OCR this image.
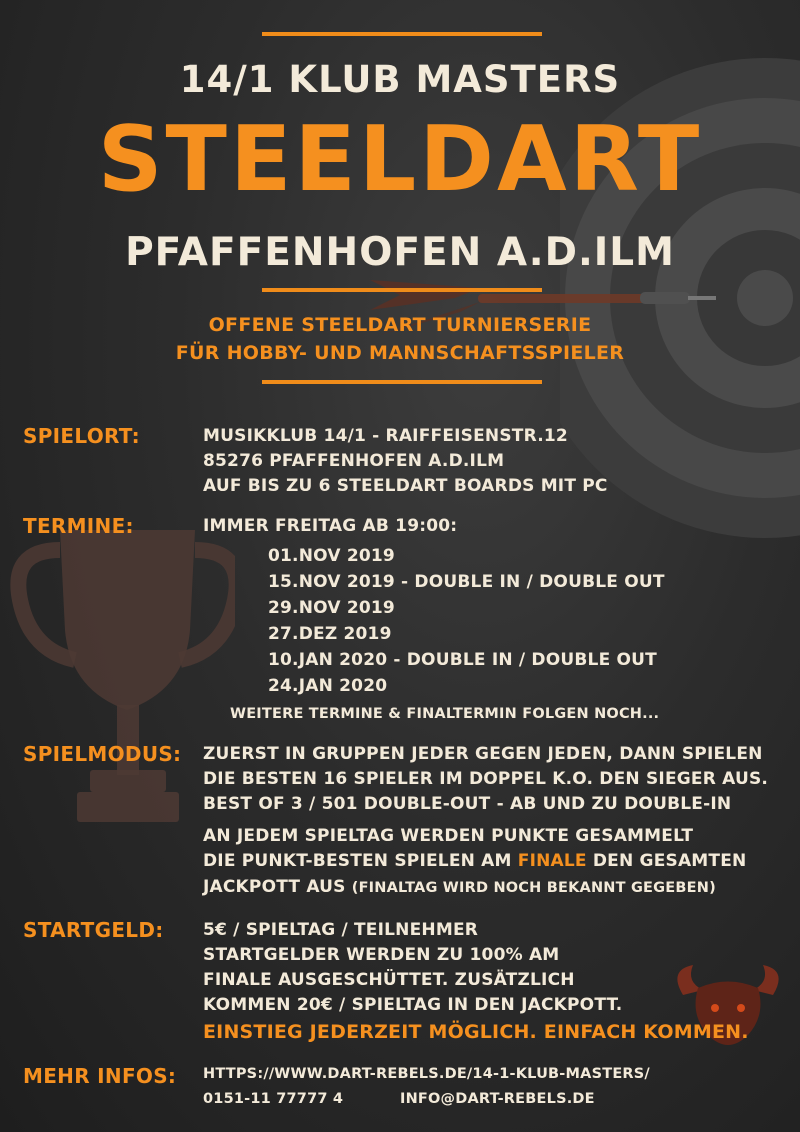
14/1 KLUB MASTERS
STEELDART
PFAFFENHOFEN A.D.ILM
OFFENE STEELDART TURNIERSERIE
FÜR HOBBY- UND MANNSCHAFTSSPIELER
SPIELORT:	MUSIKKLUB 14/1 - RAIFFEISENSTR.12
85276 PFAFFENHOFEN A.D.ILM
AUF BIS ZU 6 STEELDART BOARDS MIT PC
TERMINE:	IMMER FREITAG AB 19:00:
01.NOV 2019
15.NOV 2019 - DOUBLE IN / DOUBLE OUT
29.NOV 2019
27.DEZ 2019
10.JAN 2020 - DOUBLE IN / DOUBLE OUT
24.JAN 2020
WEITERE TERMINE & FINALTERMIN FOLGEN NOCH...
SPIELMODUS: ZUERST IN GRUPPEN JEDER GEGEN JEDEN, DANN SPIELEN
DIE BESTEN 16 SPIELER IM DOPPEL K.O. DEN SIEGER AUS.
BEST OF 3 / 501 DOUBLE-OUT - AB UND ZU DOUBLE-IN
AN JEDEM SPIELTAG WERDEN PUNKTE GESAMMELT
DIE PUNKT-BESTEN SPIELEN AM FINALE DEN GESAMTEN
JACKPOTT AUS (FINALTAG WIRD NOCH BEKANNT GEGEBEN)
STARTGELD: 5€ / SPIELTAG / TEILNEHMER
STARTGELDER WERDEN ZU 100% AM
FINALE AUSGESCHÜTTET. ZUSÄTZLICH
KOMMEN 20€ / SPIELTAG IN DEN JACKPOTT.
EINSTIEG JEDERZEIT MÖGLICH. EINFACH KOMMEN.
MEHR INFOS: HTTPS://WWW.DART-REBELS.DE/14-1-KLUB-MASTERS/
0151-11 77777 4	INFO@DART-REBELS.DE
